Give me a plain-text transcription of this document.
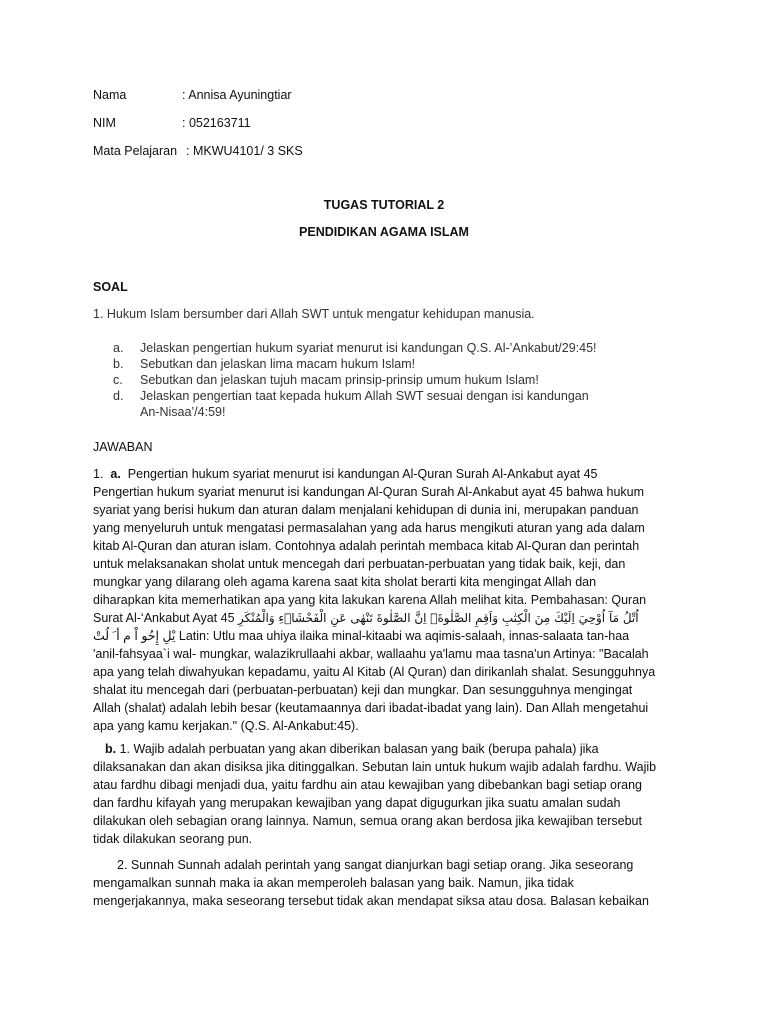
Nama	: Annisa Ayuningtiar
NIM	: 052163711
Mata Pelajaran : MKWU4101/ 3 SKS
TUGAS TUTORIAL 2
PENDIDIKAN AGAMA ISLAM
SOAL
1. Hukum Islam bersumber dari Allah SWT untuk mengatur kehidupan manusia.
a. Jelaskan pengertian hukum syariat menurut isi kandungan Q.S. Al-’Ankabut/29:45!
b. Sebutkan dan jelaskan lima macam hukum Islam!
c. Sebutkan dan jelaskan tujuh macam prinsip-prinsip umum hukum Islam!
d. Jelaskan pengertian taat kepada hukum Allah SWT sesuai dengan isi kandungan An-Nisaa’/4:59!
JAWABAN
1. a. Pengertian hukum syariat menurut isi kandungan Al-Quran Surah Al-Ankabut ayat 45
Pengertian hukum syariat menurut isi kandungan Al-Quran Surah Al-Ankabut ayat 45 bahwa hukum
syariat yang berisi hukum dan aturan dalam menjalani kehidupan di dunia ini, merupakan panduan
yang menyeluruh untuk mengatasi permasalahan yang ada harus mengikuti aturan yang ada dalam
kitab Al-Quran dan aturan islam. Contohnya adalah perintah membaca kitab Al-Quran dan perintah
untuk melaksanakan sholat untuk mencegah dari perbuatan-perbuatan yang tidak baik, keji, dan
mungkar yang dilarang oleh agama karena saat kita sholat berarti kita mengingat Allah dan
diharapkan kita memerhatikan apa yang kita lakukan karena Allah melihat kita. Pembahasan: Quran
Surat Al-‘Ankabut Ayat 45 اُتْلُ مَآ اُوْحِيَ اِلَيْكَ مِنَ الْكِتٰبِ وَاَقِمِ الصَّلٰوةَۗ اِنَّ الصَّلٰوةَ تَنْهٰى عَنِ الْفَحْشَاۤءِ وَالْمُنْكَرِ
يْلِ إِحُو اْ م أ َ لُتْ Latin: Utlu maa uhiya ilaika minal-kitaabi wa aqimis-salaah, innas-salaata tan-haa
'anil-fahsyaa`i wal- mungkar, walazikrullaahi akbar, wallaahu ya'lamu maa tasna'un Artinya: "Bacalah
apa yang telah diwahyukan kepadamu, yaitu Al Kitab (Al Quran) dan dirikanlah shalat. Sesungguhnya
shalat itu mencegah dari (perbuatan-perbuatan) keji dan mungkar. Dan sesungguhnya mengingat
Allah (shalat) adalah lebih besar (keutamaannya dari ibadat-ibadat yang lain). Dan Allah mengetahui
apa yang kamu kerjakan." (Q.S. Al-Ankabut:45).
b. 1. Wajib adalah perbuatan yang akan diberikan balasan yang baik (berupa pahala) jika
dilaksanakan dan akan disiksa jika ditinggalkan. Sebutan lain untuk hukum wajib adalah fardhu. Wajib
atau fardhu dibagi menjadi dua, yaitu fardhu ain atau kewajiban yang dibebankan bagi setiap orang
dan fardhu kifayah yang merupakan kewajiban yang dapat digugurkan jika suatu amalan sudah
dilakukan oleh sebagian orang lainnya. Namun, semua orang akan berdosa jika kewajiban tersebut
tidak dilakukan seorang pun.
2. Sunnah Sunnah adalah perintah yang sangat dianjurkan bagi setiap orang. Jika seseorang
mengamalkan sunnah maka ia akan memperoleh balasan yang baik. Namun, jika tidak
mengerjakannya, maka seseorang tersebut tidak akan mendapat siksa atau dosa. Balasan kebaikan
